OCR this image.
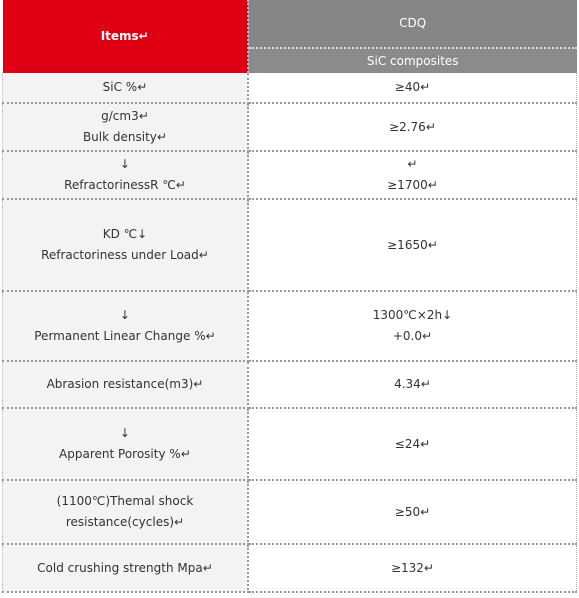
Items↵	CDQ
	SiC composites

SiC %↵	≥40↵

g/cm3↵
Bulk density↵	≥2.76↵

↓
RefractorinessR ℃↵	↵
≥1700↵

KD ℃↓
Refractoriness under Load↵	≥1650↵

↓
Permanent Linear Change %↵	1300℃×2h↓
+0.0↵

Abrasion resistance(m3)↵	4.34↵

↓
Apparent Porosity %↵	≤24↵

(1100℃)Themal shock resistance(cycles)↵	≥50↵

Cold crushing strength Mpa↵	≥132↵
